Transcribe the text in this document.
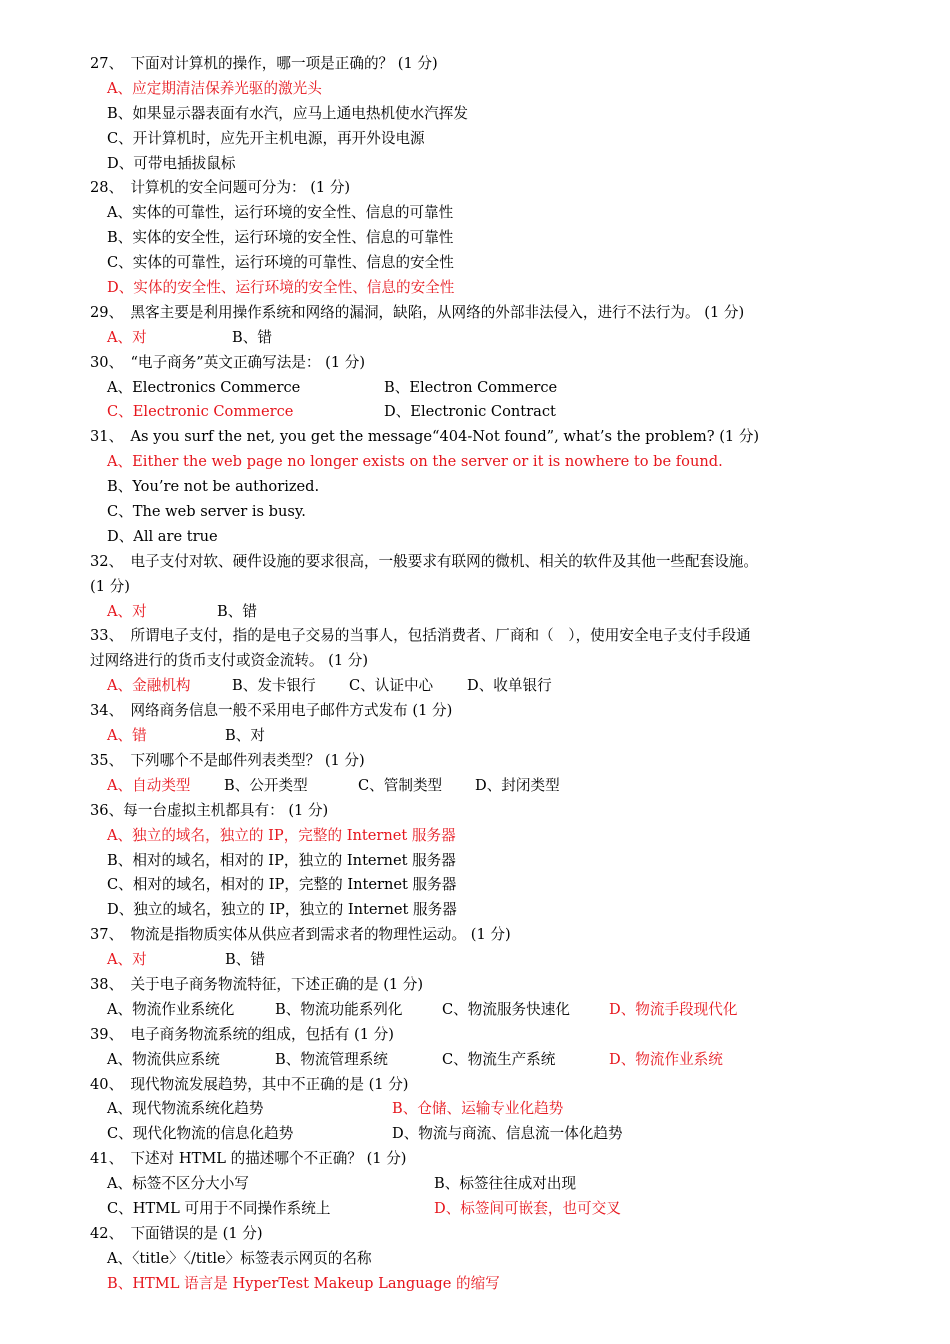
27、　下面对计算机的操作，哪一项是正确的？ (1 分)
A、应定期清洁保养光驱的激光头
B、如果显示器表面有水汽，应马上通电热机使水汽挥发
C、开计算机时，应先开主机电源，再开外设电源
D、可带电插拔鼠标
28、　计算机的安全问题可分为： (1 分)
A、实体的可靠性，运行环境的安全性、信息的可靠性
B、实体的安全性，运行环境的安全性、信息的可靠性
C、实体的可靠性，运行环境的可靠性、信息的安全性
D、实体的安全性、运行环境的安全性、信息的安全性
29、　黑客主要是利用操作系统和网络的漏洞，缺陷，从网络的外部非法侵入，进行不法行为。 (1 分)
A、对	B、错
30、　“电子商务”英文正确写法是： (1 分)
A、Electronics Commerce	B、Electron Commerce
C、Electronic Commerce	D、Electronic Contract
31、　As you surf the net, you get the message“404-Not found”, what’s the problem? (1 分)
A、Either the web page no longer exists on the server or it is nowhere to be found.
B、You’re not be authorized.
C、The web server is busy.
D、All are true
32、　电子支付对软、硬件设施的要求很高，一般要求有联网的微机、相关的软件及其他一些配套设施。
(1 分)
A、对	B、错
33、　所谓电子支付，指的是电子交易的当事人，包括消费者、厂商和（　），使用安全电子支付手段通
过网络进行的货币支付或资金流转。 (1 分)
A、金融机构	B、发卡银行 C、认证中心 D、收单银行
34、　网络商务信息一般不采用电子邮件方式发布 (1 分)
A、错	B、对
35、　下列哪个不是邮件列表类型？ (1 分)
A、自动类型 B、公开类型	C、管制类型 D、封闭类型
36、每一台虚拟主机都具有： (1 分)
A、独立的域名，独立的 IP，完整的 Internet 服务器
B、相对的域名，相对的 IP，独立的 Internet 服务器
C、相对的域名，相对的 IP，完整的 Internet 服务器
D、独立的域名，独立的 IP，独立的 Internet 服务器
37、　物流是指物质实体从供应者到需求者的物理性运动。 (1 分)
A、对	B、错
38、　关于电子商务物流特征，下述正确的是 (1 分)
A、物流作业系统化	B、物流功能系列化	C、物流服务快速化	D、物流手段现代化
39、　电子商务物流系统的组成，包括有 (1 分)
A、物流供应系统	B、物流管理系统	C、物流生产系统	D、物流作业系统
40、　现代物流发展趋势，其中不正确的是 (1 分)
A、现代物流系统化趋势	B、仓储、运输专业化趋势
C、现代化物流的信息化趋势	D、物流与商流、信息流一体化趋势
41、　下述对 HTML 的描述哪个不正确？ (1 分)
A、标签不区分大小写	B、标签往往成对出现
C、HTML 可用于不同操作系统上	D、标签间可嵌套，也可交叉
42、　下面错误的是 (1 分)
A、〈title〉〈/title〉标签表示网页的名称
B、HTML 语言是 HyperTest Makeup Language 的缩写
